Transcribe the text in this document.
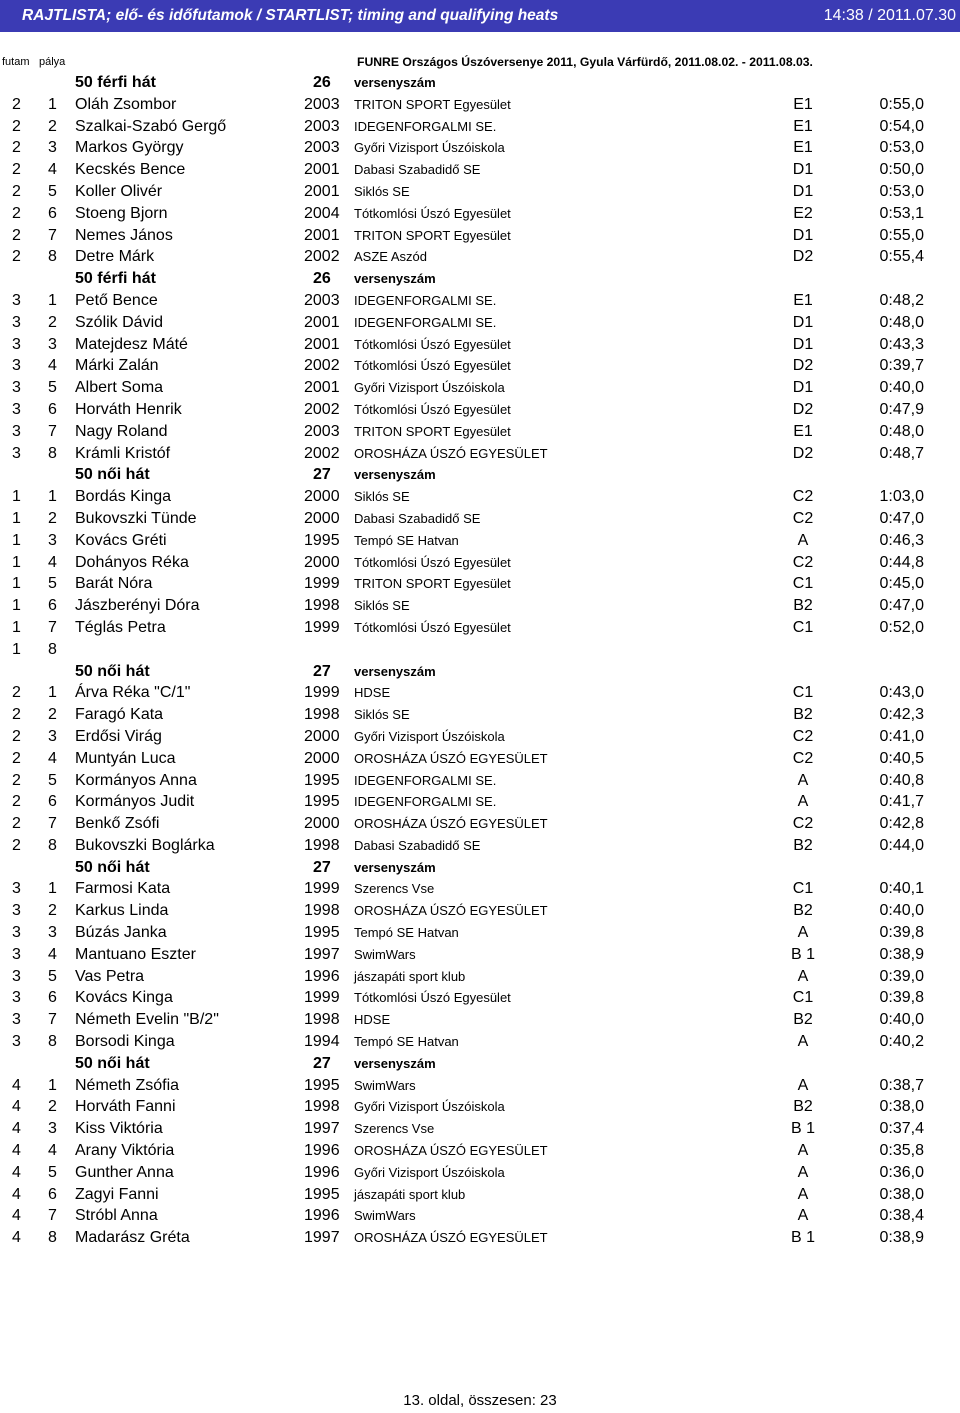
RAJTLISTA; elő- és időfutamok / STARTLIST; timing and qualifying heats	14:38 / 2011.07.30
futam pálya	FUNRE Országos Úszóversenye 2011, Gyula Várfürdő, 2011.08.02. - 2011.08.03.
50 férfi hát	26 versenyszám
2 1 Oláh Zsombor	2003 TRITON SPORT Egyesület	E1	0:55,0
2 2 Szalkai-Szabó Gergő	2003 IDEGENFORGALMI SE.	E1	0:54,0
2 3 Markos György	2003 Győri Vizisport Úszóiskola	E1	0:53,0
2 4 Kecskés Bence	2001 Dabasi Szabadidő SE	D1	0:50,0
2 5 Koller Olivér	2001 Siklós SE	D1	0:53,0
2 6 Stoeng Bjorn	2004 Tótkomlósi Úszó Egyesület	E2	0:53,1
2 7 Nemes János	2001 TRITON SPORT Egyesület	D1	0:55,0
2 8 Detre Márk	2002 ASZE Aszód	D2	0:55,4
50 férfi hát	26 versenyszám
3 1 Pető Bence	2003 IDEGENFORGALMI SE.	E1	0:48,2
3 2 Szólik Dávid	2001 IDEGENFORGALMI SE.	D1	0:48,0
3 3 Matejdesz Máté	2001 Tótkomlósi Úszó Egyesület	D1	0:43,3
3 4 Márki Zalán	2002 Tótkomlósi Úszó Egyesület	D2	0:39,7
3 5 Albert Soma	2001 Győri Vizisport Úszóiskola	D1	0:40,0
3 6 Horváth Henrik	2002 Tótkomlósi Úszó Egyesület	D2	0:47,9
3 7 Nagy Roland	2003 TRITON SPORT Egyesület	E1	0:48,0
3 8 Krámli Kristóf	2002 OROSHÁZA ÚSZÓ EGYESÜLET	D2	0:48,7
50 női hát	27 versenyszám
1 1 Bordás Kinga	2000 Siklós SE	C2	1:03,0
1 2 Bukovszki Tünde	2000 Dabasi Szabadidő SE	C2	0:47,0
1 3 Kovács Gréti	1995 Tempó SE Hatvan	A	0:46,3
1 4 Dohányos Réka	2000 Tótkomlósi Úszó Egyesület	C2	0:44,8
1 5 Barát Nóra	1999 TRITON SPORT Egyesület	C1	0:45,0
1 6 Jászberényi Dóra	1998 Siklós SE	B2	0:47,0
1 7 Téglás Petra	1999 Tótkomlósi Úszó Egyesület	C1	0:52,0
1 8
50 női hát	27 versenyszám
2 1 Árva Réka "C/1"	1999 HDSE	C1	0:43,0
2 2 Faragó Kata	1998 Siklós SE	B2	0:42,3
2 3 Erdősi Virág	2000 Győri Vizisport Úszóiskola	C2	0:41,0
2 4 Muntyán Luca	2000 OROSHÁZA ÚSZÓ EGYESÜLET	C2	0:40,5
2 5 Kormányos Anna	1995 IDEGENFORGALMI SE.	A	0:40,8
2 6 Kormányos Judit	1995 IDEGENFORGALMI SE.	A	0:41,7
2 7 Benkő Zsófi	2000 OROSHÁZA ÚSZÓ EGYESÜLET	C2	0:42,8
2 8 Bukovszki Boglárka	1998 Dabasi Szabadidő SE	B2	0:44,0
50 női hát	27 versenyszám
3 1 Farmosi Kata	1999 Szerencs Vse	C1	0:40,1
3 2 Karkus Linda	1998 OROSHÁZA ÚSZÓ EGYESÜLET	B2	0:40,0
3 3 Búzás Janka	1995 Tempó SE Hatvan	A	0:39,8
3 4 Mantuano Eszter	1997 SwimWars	B 1	0:38,9
3 5 Vas Petra	1996 jászapáti sport klub	A	0:39,0
3 6 Kovács Kinga	1999 Tótkomlósi Úszó Egyesület	C1	0:39,8
3 7 Németh Evelin "B/2"	1998 HDSE	B2	0:40,0
3 8 Borsodi Kinga	1994 Tempó SE Hatvan	A	0:40,2
50 női hát	27 versenyszám
4 1 Németh Zsófia	1995 SwimWars	A	0:38,7
4 2 Horváth Fanni	1998 Győri Vizisport Úszóiskola	B2	0:38,0
4 3 Kiss Viktória	1997 Szerencs Vse	B 1	0:37,4
4 4 Arany Viktória	1996 OROSHÁZA ÚSZÓ EGYESÜLET	A	0:35,8
4 5 Gunther Anna	1996 Győri Vizisport Úszóiskola	A	0:36,0
4 6 Zagyi Fanni	1995 jászapáti sport klub	A	0:38,0
4 7 Stróbl Anna	1996 SwimWars	A	0:38,4
4 8 Madarász Gréta	1997 OROSHÁZA ÚSZÓ EGYESÜLET	B 1	0:38,9
13. oldal, összesen: 23
